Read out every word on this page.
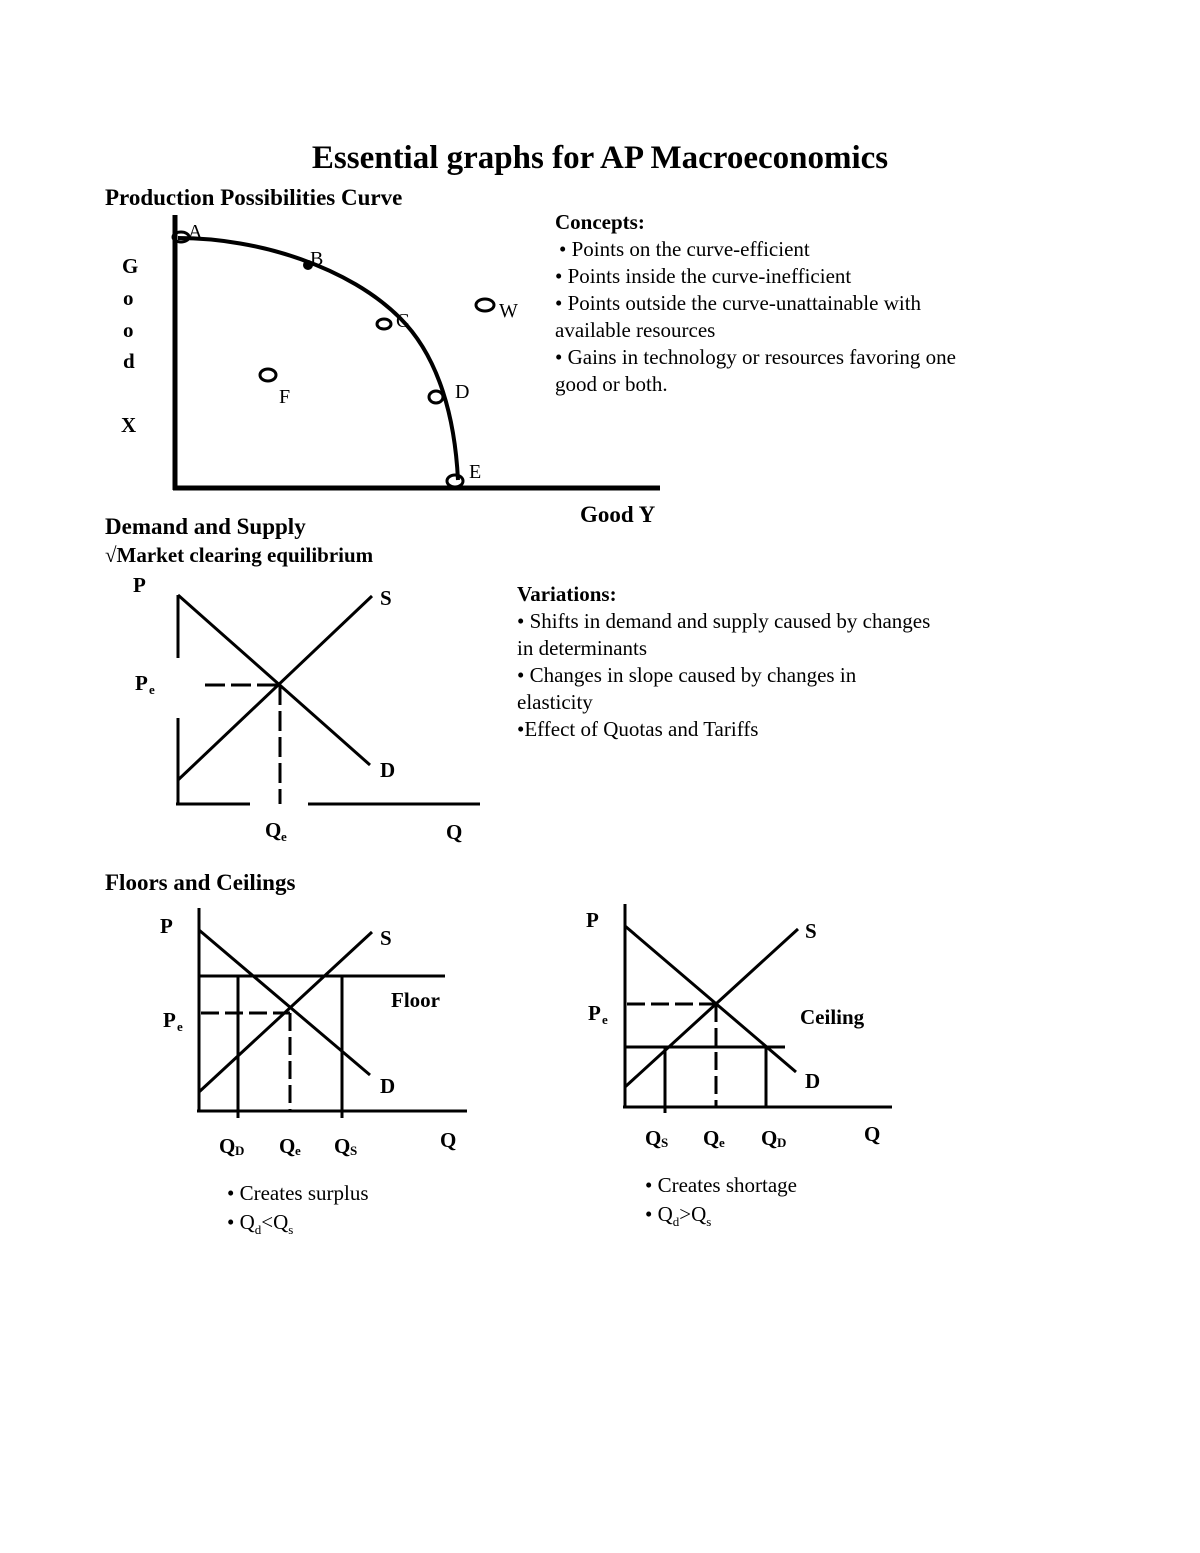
Essential graphs for AP Macroeconomics
Production Possibilities Curve
A
B
C
D
E
F
W
G
o
o
d
X
Good Y
Concepts:
• Points on the curve-efficient
• Points inside the curve-inefficient
• Points outside the curve-unattainable with available resources
• Gains in technology or resources favoring one good or both.
Demand and Supply
√Market clearing equilibrium
P
P e
S
D
Q e	Q
Variations:
• Shifts in demand and supply caused by changes in determinants
• Changes in slope caused by changes in elasticity
•Effect of Quotas and Tariffs
Floors and Ceilings
P
P e
S
D
Floor
Q D Q e Q S	Q
• Creates surplus
• $Q_d<Q_s$
P
P e
S
D
Ceiling
Q S Q e Q D	Q
• Creates shortage
• $Q_d>Q_s$
